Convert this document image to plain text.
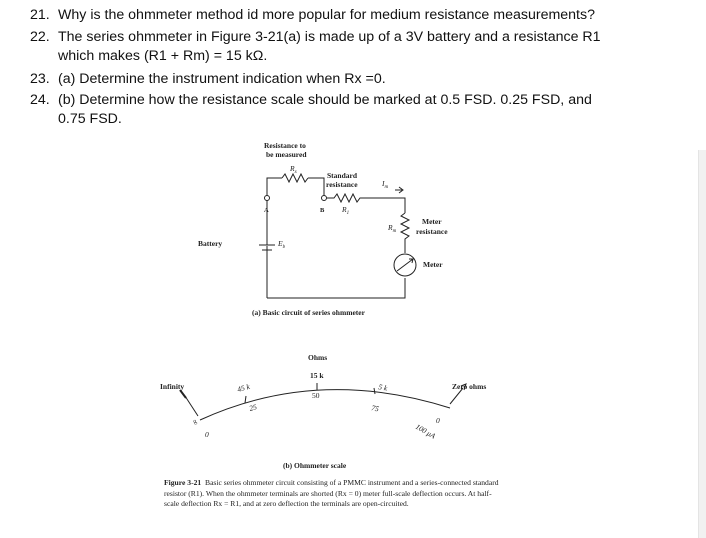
21. Why is the ohmmeter method id more popular for medium resistance measurements?
22. The series ohmmeter in Figure 3-21(a) is made up of a 3V battery and a resistance R1
which makes (R1 + Rm) = 15 kΩ.
23. (a) Determine the instrument indication when Rx =0.
24. (b) Determine how the resistance scale should be marked at 0.5 FSD. 0.25 FSD, and
0.75 FSD.
Resistance to
be measured
$R_x$	Standard
resistance
A	B $R_1$
$I_m$
$R_m$
Meter
resistance
Battery	$E_b$
Meter
(a) Basic circuit of series ohmmeter
Ohms
15 k
Infinity	Zero ohms
45 k	5 k
25
50
75
100 μA
∞
0
0
(b) Ohmmeter scale
Figure 3-21 Basic series ohmmeter circuit consisting of a PMMC instrument and a series-connected standard resistor (R1). When the ohmmeter terminals are shorted (Rx = 0) meter full-scale deflection occurs. At half-scale deflection Rx = R1, and at zero deflection the terminals are open-circuited.
